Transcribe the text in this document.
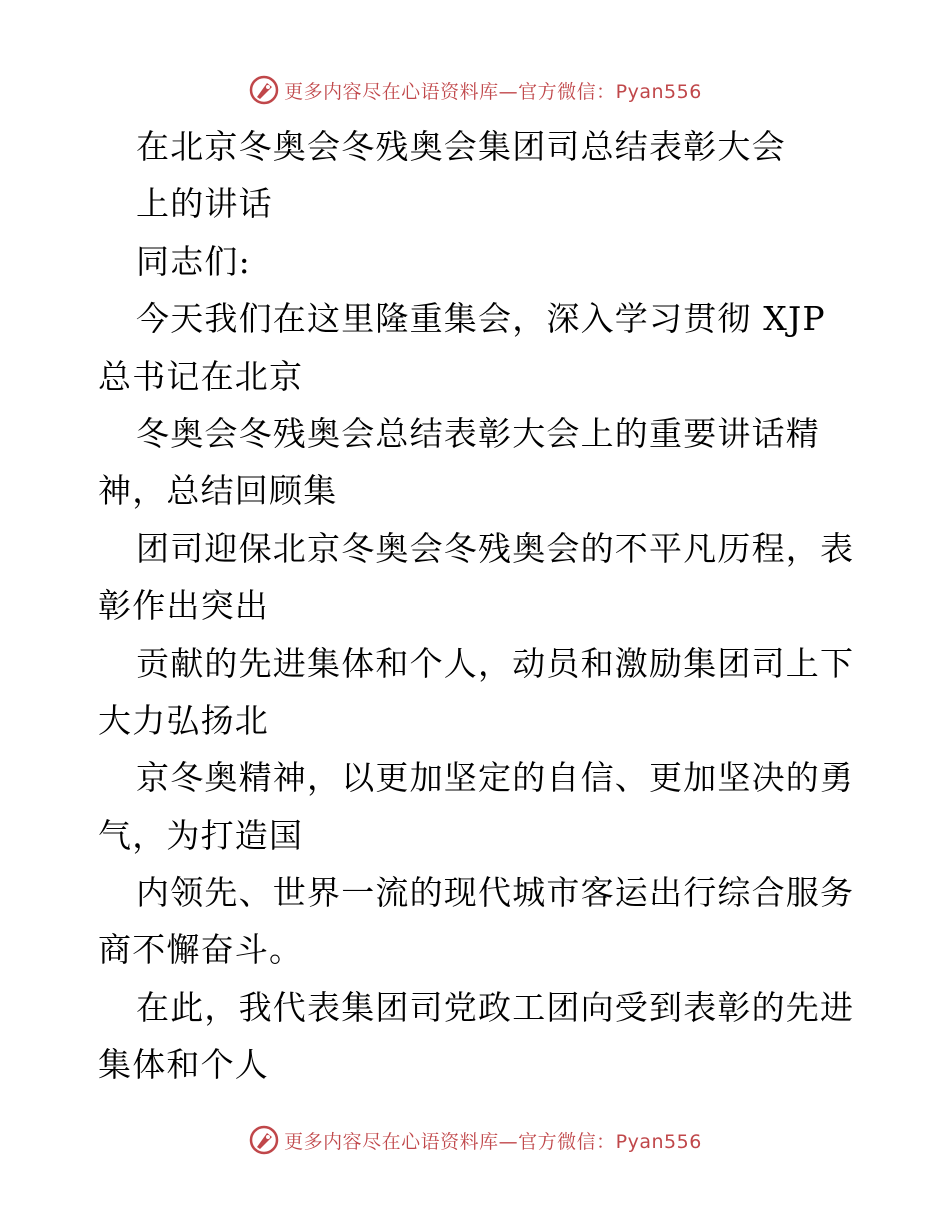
更多内容尽在心语资料库—官方微信：Pyan556
在北京冬奥会冬残奥会集团司总结表彰大会
上的讲话
同志们:
今天我们在这里隆重集会，深入学习贯彻 XJP
总书记在北京
冬奥会冬残奥会总结表彰大会上的重要讲话精
神，总结回顾集
团司迎保北京冬奥会冬残奥会的不平凡历程，表
彰作出突出
贡献的先进集体和个人，动员和激励集团司上下
大力弘扬北
京冬奥精神，以更加坚定的自信、更加坚决的勇
气，为打造国
内领先、世界一流的现代城市客运出行综合服务
商不懈奋斗。
在此，我代表集团司党政工团向受到表彰的先进
集体和个人
更多内容尽在心语资料库—官方微信：Pyan556
